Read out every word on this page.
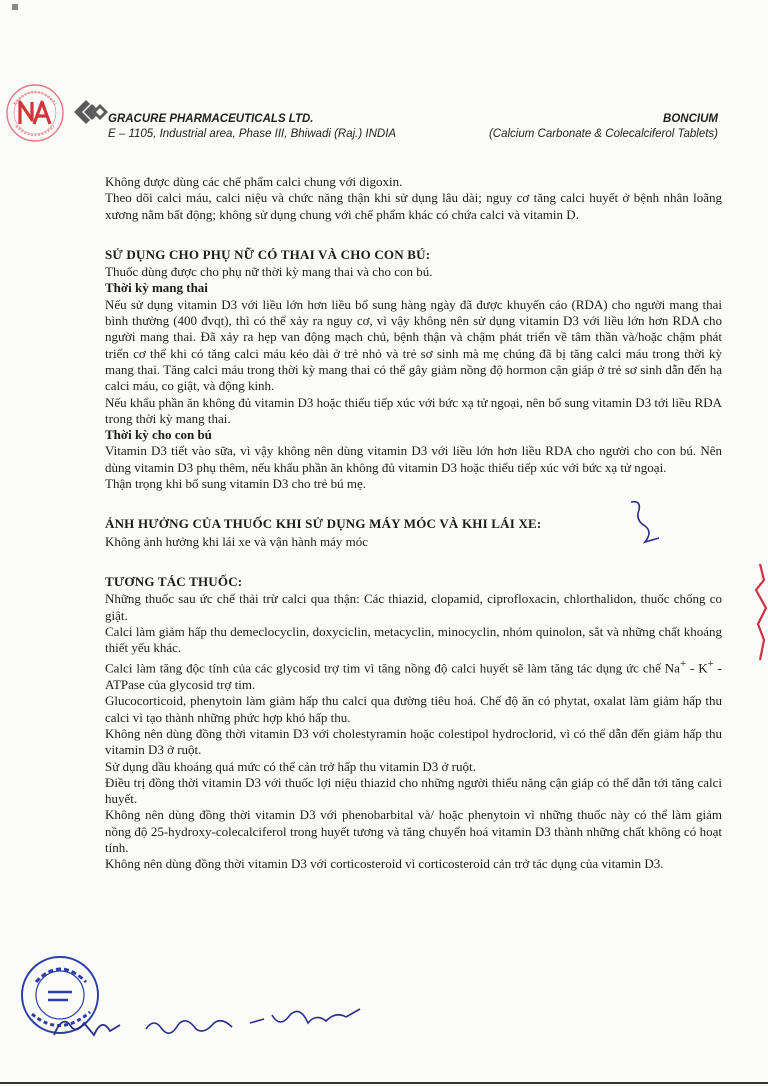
GRACURE PHARMACEUTICALS LTD.
E – 1105, Industrial area, Phase III, Bhiwadi (Raj.) INDIA
BONCIUM
(Calcium Carbonate & Colecalciferol Tablets)

Không được dùng các chế phẩm calci chung với digoxin.

Theo dõi calci máu, calci niệu và chức năng thận khi sử dụng lâu dài; nguy cơ tăng calci huyết ở bệnh nhân loãng xương nằm bất động; không sử dụng chung với chế phẩm khác có chứa calci và vitamin D.

SỬ DỤNG CHO PHỤ NỮ CÓ THAI VÀ CHO CON BÚ:

Thuốc dùng được cho phụ nữ thời kỳ mang thai và cho con bú.

Thời kỳ mang thai

Nếu sử dụng vitamin D3 với liều lớn hơn liều bổ sung hàng ngày đã được khuyến cáo (RDA) cho người mang thai bình thường (400 đvqt), thì có thể xảy ra nguy cơ, vì vậy không nên sử dụng vitamin D3 với liều lớn hơn RDA cho người mang thai. Đã xảy ra hẹp van động mạch chủ, bệnh thận và chậm phát triển về tâm thần và/hoặc chậm phát triển cơ thể khi có tăng calci máu kéo dài ở trẻ nhỏ và trẻ sơ sinh mà mẹ chúng đã bị tăng calci máu trong thời kỳ mang thai. Tăng calci máu trong thời kỳ mang thai có thể gây giảm nồng độ hormon cận giáp ở trẻ sơ sinh dẫn đến hạ calci máu, co giật, và động kinh.

Nếu khẩu phần ăn không đủ vitamin D3 hoặc thiếu tiếp xúc với bức xạ tử ngoại, nên bổ sung vitamin D3 tới liều RDA trong thời kỳ mang thai.

Thời kỳ cho con bú

Vitamin D3 tiết vào sữa, vì vậy không nên dùng vitamin D3 với liều lớn hơn liều RDA cho người cho con bú. Nên dùng vitamin D3 phụ thêm, nếu khẩu phần ăn không đủ vitamin D3 hoặc thiếu tiếp xúc với bức xạ tử ngoại.

Thận trọng khi bổ sung vitamin D3 cho trẻ bú mẹ.

ẢNH HƯỞNG CỦA THUỐC KHI SỬ DỤNG MÁY MÓC VÀ KHI LÁI XE:

Không ảnh hưởng khi lái xe và vận hành máy móc

TƯƠNG TÁC THUỐC:

Những thuốc sau ức chế thải trừ calci qua thận: Các thiazid, clopamid, ciprofloxacin, chlorthalidon, thuốc chống co giật.

Calci làm giảm hấp thu demeclocyclin, doxyciclin, metacyclin, minocyclin, nhóm quinolon, sắt và những chất khoáng thiết yếu khác.

Calci làm tăng độc tính của các glycosid trợ tim vì tăng nồng độ calci huyết sẽ làm tăng tác dụng ức chế Na+ - K+ - ATPase của glycosid trợ tim.

Glucocorticoid, phenytoin làm giảm hấp thu calci qua đường tiêu hoá. Chế độ ăn có phytat, oxalat làm giảm hấp thu calci vì tạo thành những phức hợp khó hấp thu.

Không nên dùng đồng thời vitamin D3 với cholestyramin hoặc colestipol hydroclorid, vì có thể dẫn đến giảm hấp thu vitamin D3 ở ruột.

Sử dụng dầu khoáng quá mức có thể cản trở hấp thu vitamin D3 ở ruột.

Điều trị đồng thời vitamin D3 với thuốc lợi niệu thiazid cho những người thiểu năng cận giáp có thể dẫn tới tăng calci huyết.

Không nên dùng đồng thời vitamin D3 với phenobarbital và/ hoặc phenytoin vì những thuốc này có thể làm giảm nồng độ 25-hydroxy-colecalciferol trong huyết tương và tăng chuyển hoá vitamin D3 thành những chất không có hoạt tính.

Không nên dùng đồng thời vitamin D3 với corticosteroid vì corticosteroid cản trở tác dụng của vitamin D3.
